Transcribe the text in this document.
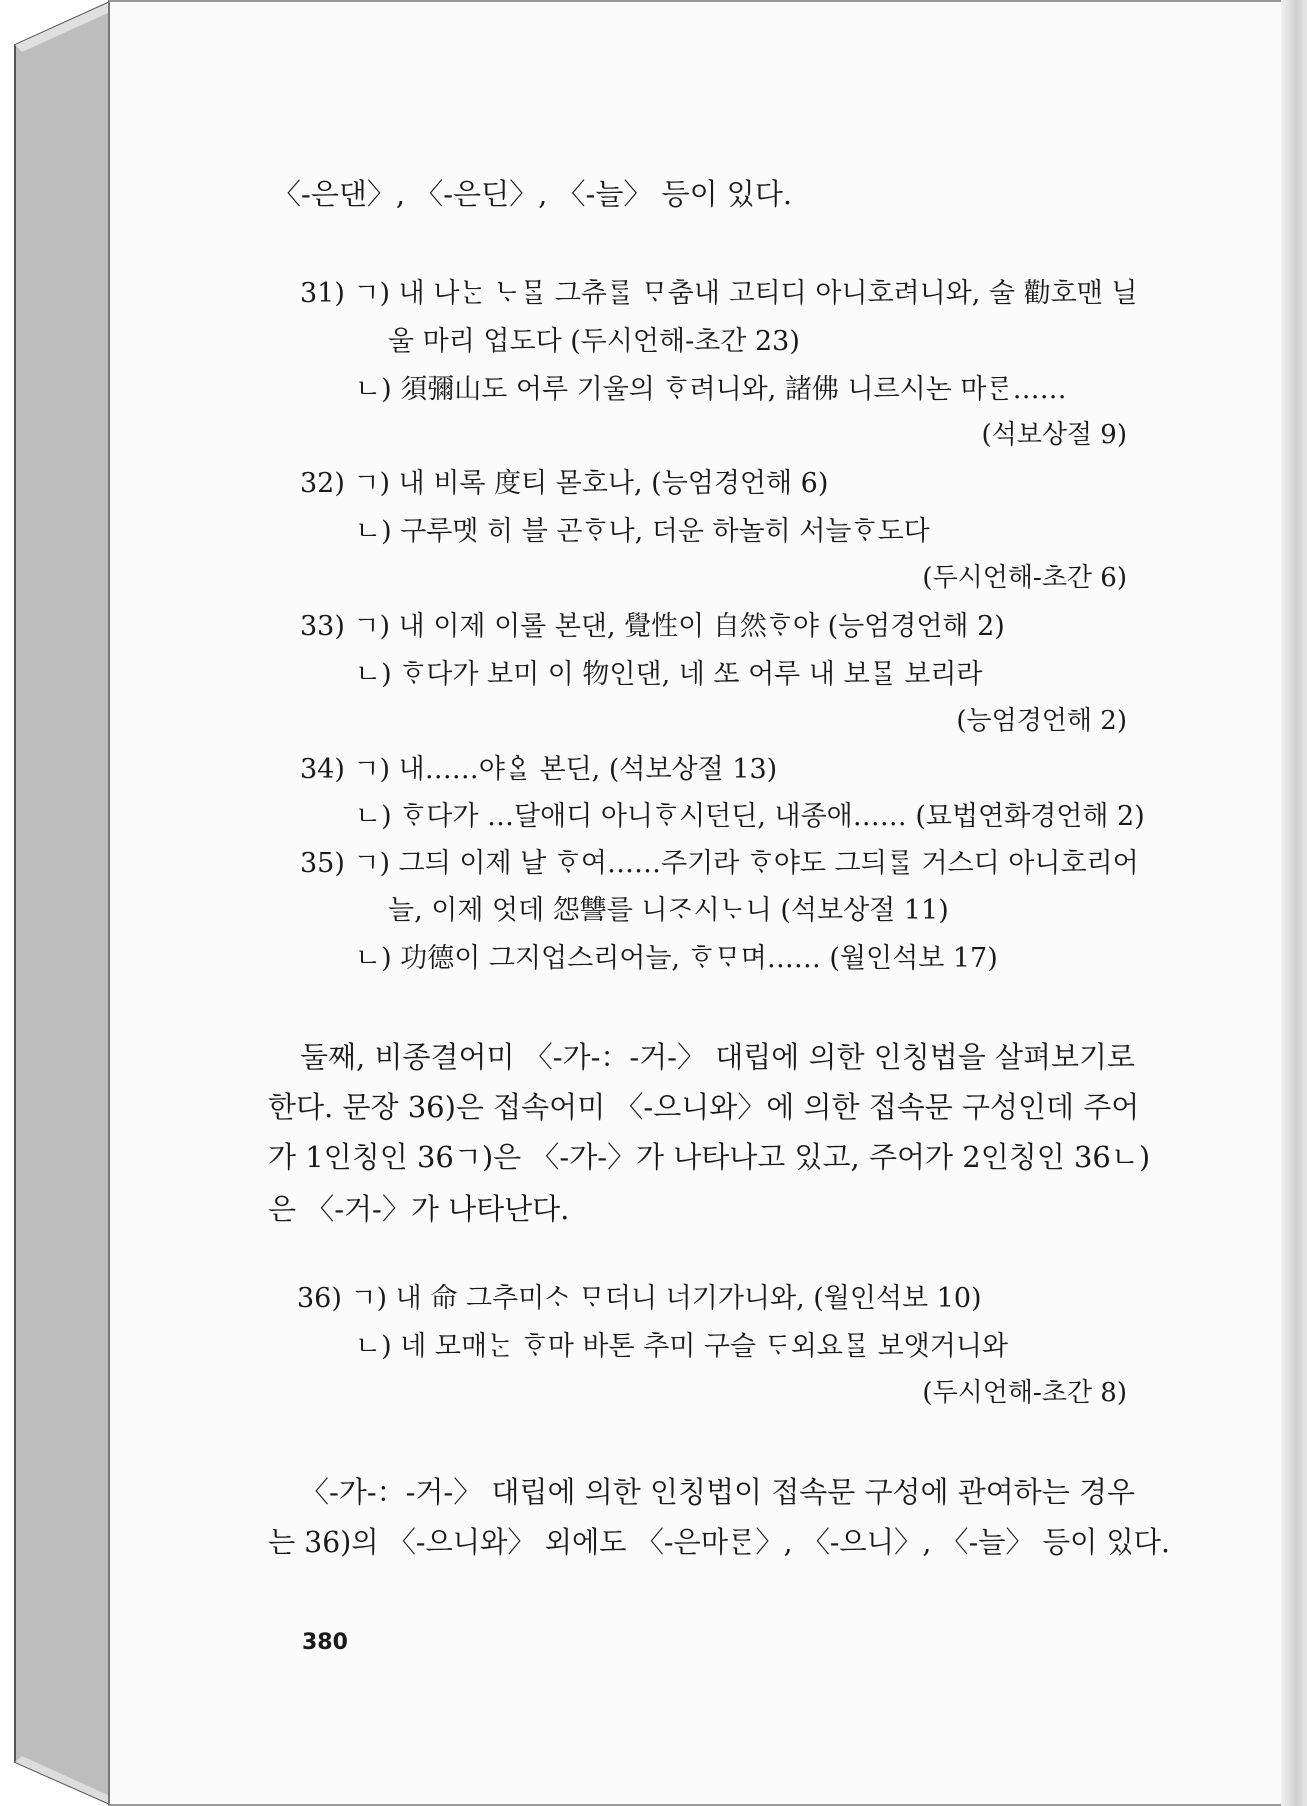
〈-은댄〉, 〈-은딘〉, 〈-늘〉 등이 있다.
31) ㄱ) 내 나ᄂᆞᆫ ᄂᆞᄆᆞᆯ 그츄ᄅᆞᆯ ᄆᆞ춤내 고티디 아니호려니와, 술 勸호맨 닐
울 마리 업도다 (두시언해-초간 23)
ㄴ) 須彌山도 어루 기울의 ᄒᆞ려니와, 諸佛 니르시논 마ᄅᆞᆫ……
(석보상절 9)
32) ㄱ) 내 비록 度티 몯호나, (능엄경언해 6)
ㄴ) 구루멧 히 블 곤ᄒᆞ나, 더운 하놀히 서늘ᄒᆞ도다
(두시언해-초간 6)
33) ㄱ) 내 이제 이롤 본댄, 覺性이 自然ᄒᆞ야 (능엄경언해 2)
ㄴ) ᄒᆞ다가 보미 이 物인댄, 네 ᄯᅩ 어루 내 보ᄆᆞᆯ 보리라
(능엄경언해 2)
34) ㄱ) 내……야ᅌᆞᆯ 본딘, (석보상절 13)
ㄴ) ᄒᆞ다가 …달애디 아니ᄒᆞ시던딘, 내종애…… (묘법연화경언해 2)
35) ㄱ) 그듸 이제 날 ᄒᆞ여……주기라 ᄒᆞ야도 그듸ᄅᆞᆯ 거스디 아니호리어
늘, 이제 엇데 怨讐를 니ᄌᆞ시ᄂᆞ니 (석보상절 11)
ㄴ) 功德이 그지업스리어늘, ᄒᆞᄆᆞ며…… (월인석보 17)
둘째, 비종결어미 〈-가-：-거-〉 대립에 의한 인칭법을 살펴보기로
한다. 문장 36)은 접속어미 〈-으니와〉에 의한 접속문 구성인데 주어
가 1인칭인 36ㄱ)은 〈-가-〉가 나타나고 있고, 주어가 2인칭인 36ㄴ)
은 〈-거-〉가 나타난다.
36) ㄱ) 내 命 그추미ᄉᆞ ᄆᆞ더니 너기가니와, (월인석보 10)
ㄴ) 네 모매ᄂᆞᆫ ᄒᆞ마 바톤 추미 구슬 ᄃᆞ외요ᄆᆞᆯ 보앳거니와
(두시언해-초간 8)
〈-가-：-거-〉 대립에 의한 인칭법이 접속문 구성에 관여하는 경우
는 36)의 〈-으니와〉 외에도 〈-은마ᄅᆞᆫ〉, 〈-으니〉, 〈-늘〉 등이 있다.
380
